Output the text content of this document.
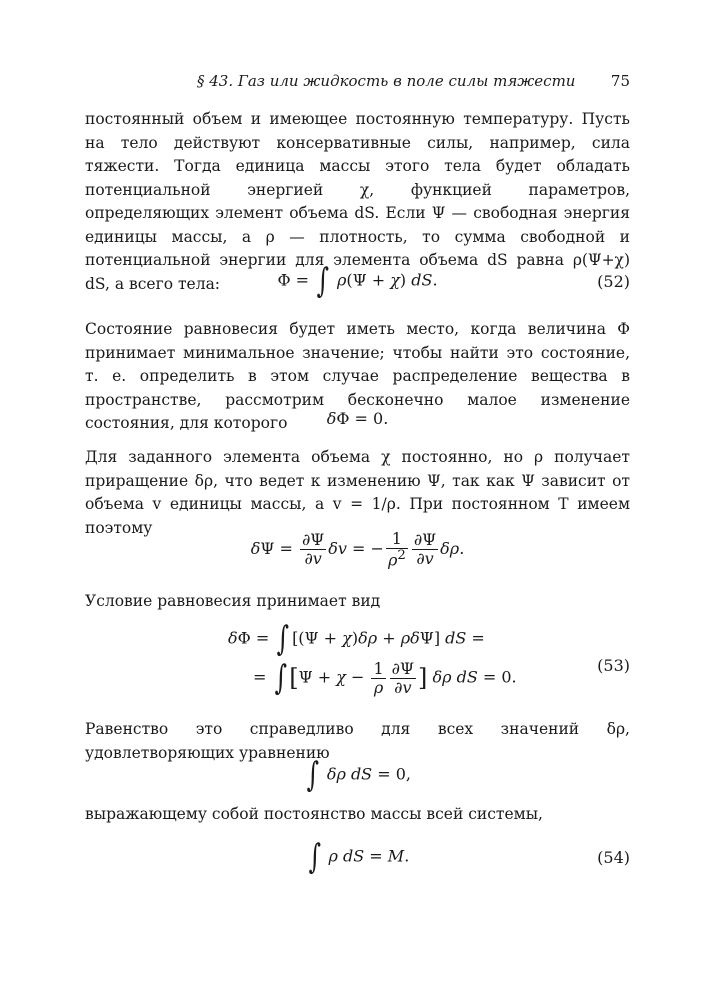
§ 43. Газ или жидкость в поле силы тяжести 75

постоянный объем и имеющее постоянную температуру. Пусть на тело действуют консервативные силы, например, сила тяжести. Тогда единица массы этого тела будет обладать потенциальной энергией χ, функцией параметров, определяющих элемент объема dS. Если Ψ — свободная энергия единицы массы, а ρ — плотность, то сумма свободной и потенциальной энергии для элемента объема dS равна ρ(Ψ+χ) dS, а всего тела:	Φ = ∫ ρ(Ψ + χ) dS.	(52)

Состояние равновесия будет иметь место, когда величина Φ принимает минимальное значение; чтобы найти это состояние, т. е. определить в этом случае распределение вещества в пространстве, рассмотрим бесконечно малое изменение состояния, для которого	δΦ = 0.

Для заданного элемента объема χ постоянно, но ρ получает приращение δρ, что ведет к изменению Ψ, так как Ψ зависит от объема v единицы массы, а v = 1/ρ. При постоянном T имеем поэтому

$\delta\Psi = \frac{\partial\Psi}{\partial v}$ δv = − $\frac{1}{\rho^2} \frac{\partial\Psi}{\partial v} \delta\rho$.

Условие равновесия принимает вид

δΦ = ∫ [(Ψ + χ)δρ + ρδΨ] dS =
= ∫ [$\Psi + \chi - \frac{1}{\rho} \frac{\partial\Psi}{\partial v}$ ] δρ dS = 0.
(53)

Равенство это справедливо для всех значений δρ, удовлетворяющих уравнению

∫ δρ dS = 0,

выражающему собой постоянство массы всей системы,

∫ ρ dS = M.	(54)
